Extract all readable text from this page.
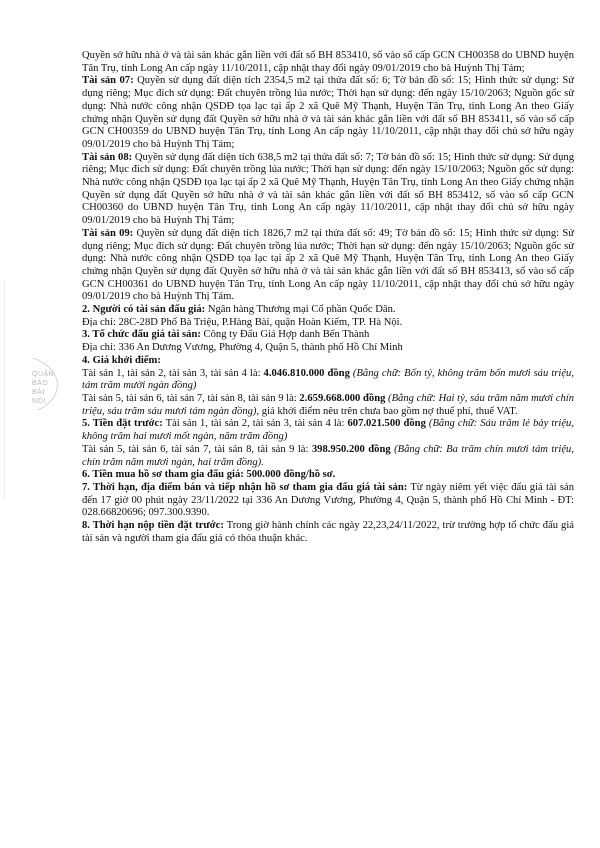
QUẬN
BẢO BẢI
NỘI

Quyền sở hữu nhà ở và tài sản khác gắn liền với đất số BH 853410, số vào sổ cấp GCN CH00358 do UBND huyện Tân Trụ, tỉnh Long An cấp ngày 11/10/2011, cập nhật thay đổi ngày 09/01/2019 cho bà Huỳnh Thị Tám;

Tài sản 07: Quyền sử dụng đất diện tích 2354,5 m2 tại thửa đất số: 6; Tờ bản đồ số: 15; Hình thức sử dụng: Sử dụng riêng; Mục đích sử dụng: Đất chuyên trồng lúa nước; Thời hạn sử dụng: đến ngày 15/10/2063; Nguồn gốc sử dụng: Nhà nước công nhận QSDĐ tọa lạc tại ấp 2 xã Quê Mỹ Thạnh, Huyện Tân Trụ, tỉnh Long An theo Giấy chứng nhận Quyền sử dụng đất Quyền sở hữu nhà ở và tài sản khác gắn liền với đất số BH 853411, số vào sổ cấp GCN CH00359 do UBND huyện Tân Trụ, tỉnh Long An cấp ngày 11/10/2011, cập nhật thay đổi chủ sở hữu ngày 09/01/2019 cho bà Huỳnh Thị Tám;

Tài sản 08: Quyền sử dụng đất diện tích 638,5 m2 tại thửa đất số: 7; Tờ bản đồ số: 15; Hình thức sử dụng: Sử dụng riêng; Mục đích sử dụng: Đất chuyên trồng lúa nước; Thời hạn sử dụng: đến ngày 15/10/2063; Nguồn gốc sử dụng: Nhà nước công nhận QSDĐ tọa lạc tại ấp 2 xã Quê Mỹ Thạnh, Huyện Tân Trụ, tỉnh Long An theo Giấy chứng nhận Quyền sử dụng đất Quyền sở hữu nhà ở và tài sản khác gắn liền với đất số BH 853412, số vào sổ cấp GCN CH00360 do UBND huyện Tân Trụ, tỉnh Long An cấp ngày 11/10/2011, cập nhật thay đổi chủ sở hữu ngày 09/01/2019 cho bà Huỳnh Thị Tám;

Tài sản 09: Quyền sử dụng đất diện tích 1826,7 m2 tại thửa đất số: 49; Tờ bản đồ số: 15; Hình thức sử dụng: Sử dụng riêng; Mục đích sử dụng: Đất chuyên trồng lúa nước; Thời hạn sử dụng: đến ngày 15/10/2063; Nguồn gốc sử dụng: Nhà nước công nhận QSDĐ tọa lạc tại ấp 2 xã Quê Mỹ Thạnh, Huyện Tân Trụ, tỉnh Long An theo Giấy chứng nhận Quyền sử dụng đất Quyền sở hữu nhà ở và tài sản khác gắn liền với đất số BH 853413, số vào sổ cấp GCN CH00361 do UBND huyện Tân Trụ, tỉnh Long An cấp ngày 11/10/2011, cập nhật thay đổi chủ sở hữu ngày 09/01/2019 cho bà Huỳnh Thị Tám.

2. Người có tài sản đấu giá: Ngân hàng Thương mại Cổ phần Quốc Dân.

Địa chỉ: 28C-28D Phố Bà Triệu, P.Hàng Bài, quận Hoàn Kiếm, TP. Hà Nội.

3. Tổ chức đấu giá tài sản: Công ty Đấu Giá Hợp danh Bến Thành

Địa chỉ: 336 An Dương Vương, Phường 4, Quận 5, thành phố Hồ Chí Minh

4. Giá khởi điểm:

Tài sản 1, tài sản 2, tài sản 3, tài sản 4 là: 4.046.810.000 đồng (Bằng chữ: Bốn tỷ, không trăm bốn mươi sáu triệu, tám trăm mười ngàn đồng)

Tài sản 5, tài sản 6, tài sản 7, tài sản 8, tài sản 9 là: 2.659.668.000 đồng (Bằng chữ: Hai tỷ, sáu trăm năm mươi chín triệu, sáu trăm sáu mươi tám ngàn đồng), giá khởi điểm nêu trên chưa bao gồm nợ thuế phí, thuế VAT.

5. Tiền đặt trước: Tài sản 1, tài sản 2, tài sản 3, tài sản 4 là: 607.021.500 đồng (Bằng chữ: Sáu trăm lẻ bảy triệu, không trăm hai mươi mốt ngàn, năm trăm đồng)

Tài sản 5, tài sản 6, tài sản 7, tài sản 8, tài sản 9 là: 398.950.200 đồng (Bằng chữ: Ba trăm chín mươi tám triệu, chín trăm năm mươi ngàn, hai trăm đồng).

6. Tiền mua hồ sơ tham gia đấu giá: 500.000 đồng/hồ sơ.

7. Thời hạn, địa điểm bán và tiếp nhận hồ sơ tham gia đấu giá tài sản: Từ ngày niêm yết việc đấu giá tài sản đến 17 giờ 00 phút ngày 23/11/2022 tại 336 An Dương Vương, Phường 4, Quận 5, thành phố Hồ Chí Minh - ĐT: 028.66820696; 097.300.9390.

8. Thời hạn nộp tiền đặt trước: Trong giờ hành chính các ngày 22,23,24/11/2022, trừ trường hợp tổ chức đấu giá tài sản và người tham gia đấu giá có thỏa thuận khác.
